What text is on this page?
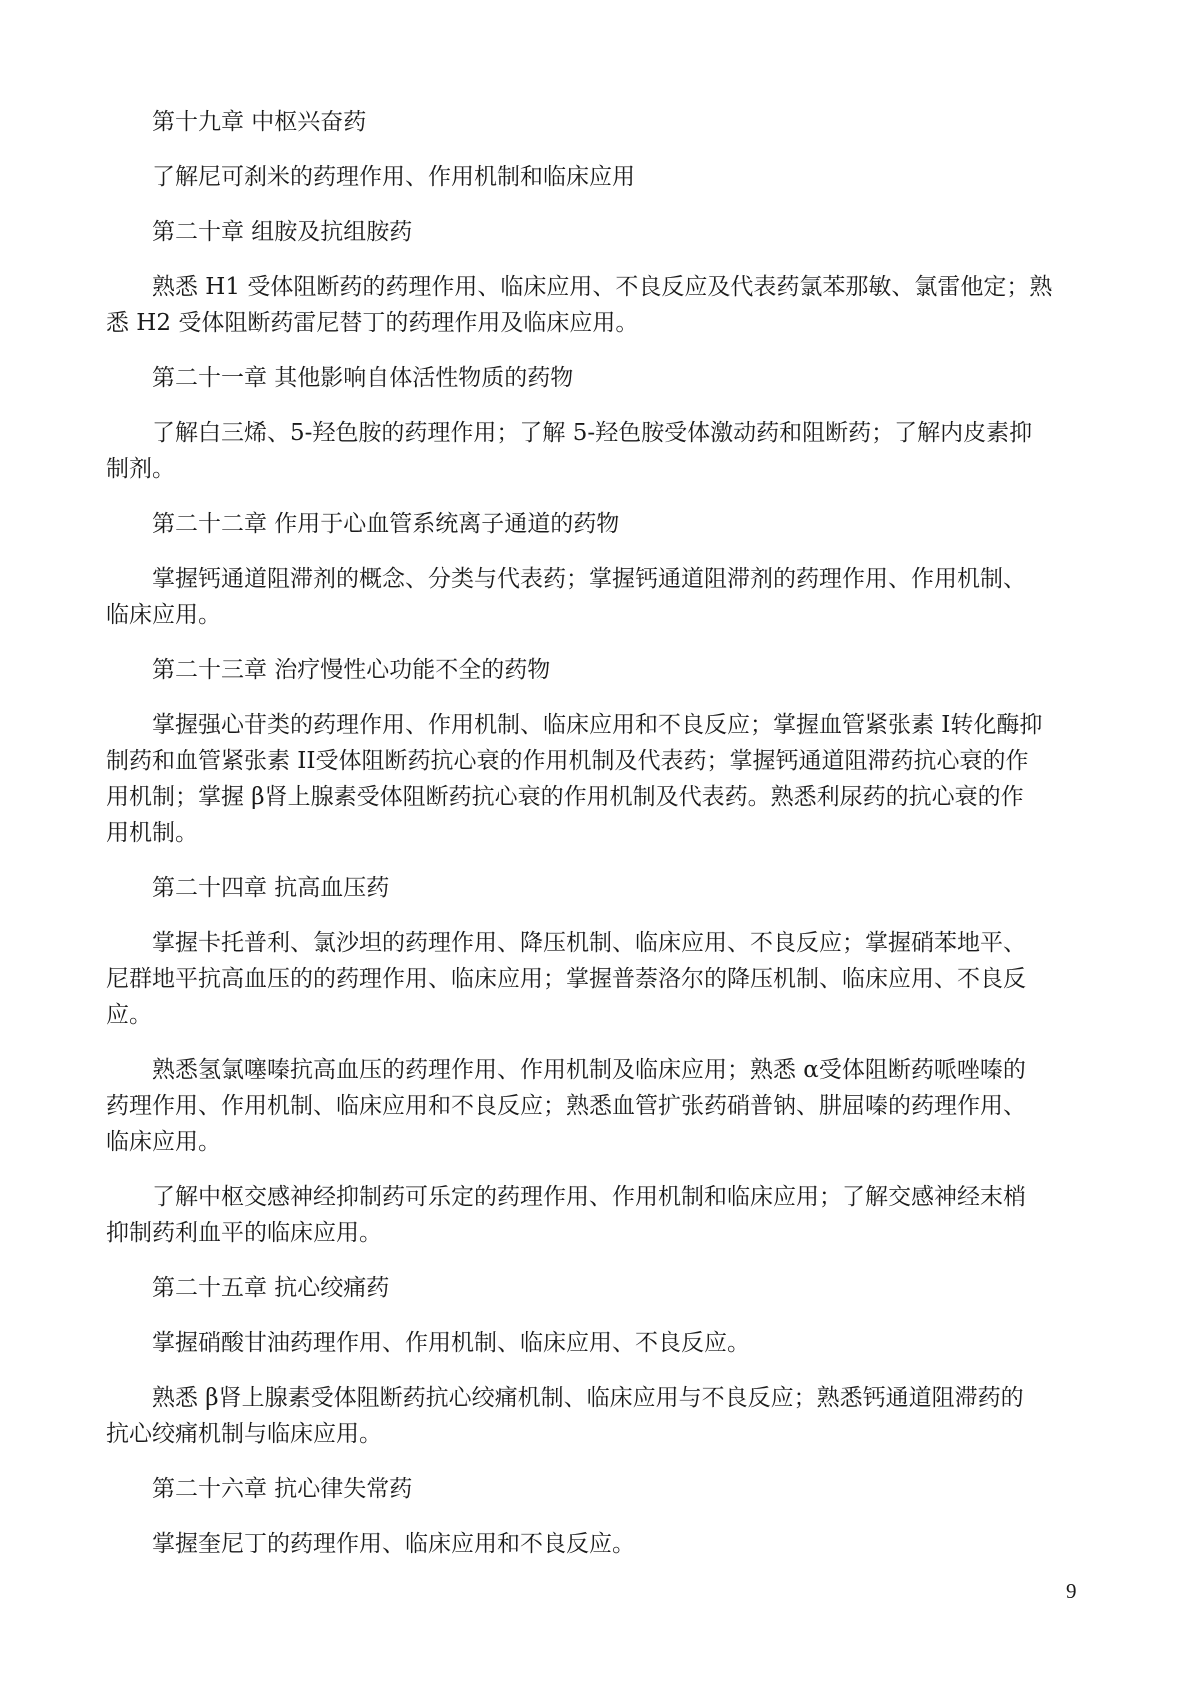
第十九章 中枢兴奋药
了解尼可刹米的药理作用、作用机制和临床应用
第二十章 组胺及抗组胺药
熟悉 H1 受体阻断药的药理作用、临床应用、不良反应及代表药氯苯那敏、氯雷他定；熟
悉 H2 受体阻断药雷尼替丁的药理作用及临床应用。
第二十一章 其他影响自体活性物质的药物
了解白三烯、5-羟色胺的药理作用；了解 5-羟色胺受体激动药和阻断药；了解内皮素抑
制剂。
第二十二章 作用于心血管系统离子通道的药物
掌握钙通道阻滞剂的概念、分类与代表药；掌握钙通道阻滞剂的药理作用、作用机制、
临床应用。
第二十三章 治疗慢性心功能不全的药物
掌握强心苷类的药理作用、作用机制、临床应用和不良反应；掌握血管紧张素 I转化酶抑
制药和血管紧张素 II受体阻断药抗心衰的作用机制及代表药；掌握钙通道阻滞药抗心衰的作
用机制；掌握 β肾上腺素受体阻断药抗心衰的作用机制及代表药。熟悉利尿药的抗心衰的作
用机制。
第二十四章 抗高血压药
掌握卡托普利、氯沙坦的药理作用、降压机制、临床应用、不良反应；掌握硝苯地平、
尼群地平抗高血压的的药理作用、临床应用；掌握普萘洛尔的降压机制、临床应用、不良反
应。
熟悉氢氯噻嗪抗高血压的药理作用、作用机制及临床应用；熟悉 α受体阻断药哌唑嗪的
药理作用、作用机制、临床应用和不良反应；熟悉血管扩张药硝普钠、肼屈嗪的药理作用、
临床应用。
了解中枢交感神经抑制药可乐定的药理作用、作用机制和临床应用；了解交感神经末梢
抑制药利血平的临床应用。
第二十五章 抗心绞痛药
掌握硝酸甘油药理作用、作用机制、临床应用、不良反应。
熟悉 β肾上腺素受体阻断药抗心绞痛机制、临床应用与不良反应；熟悉钙通道阻滞药的
抗心绞痛机制与临床应用。
第二十六章 抗心律失常药
掌握奎尼丁的药理作用、临床应用和不良反应。
9
